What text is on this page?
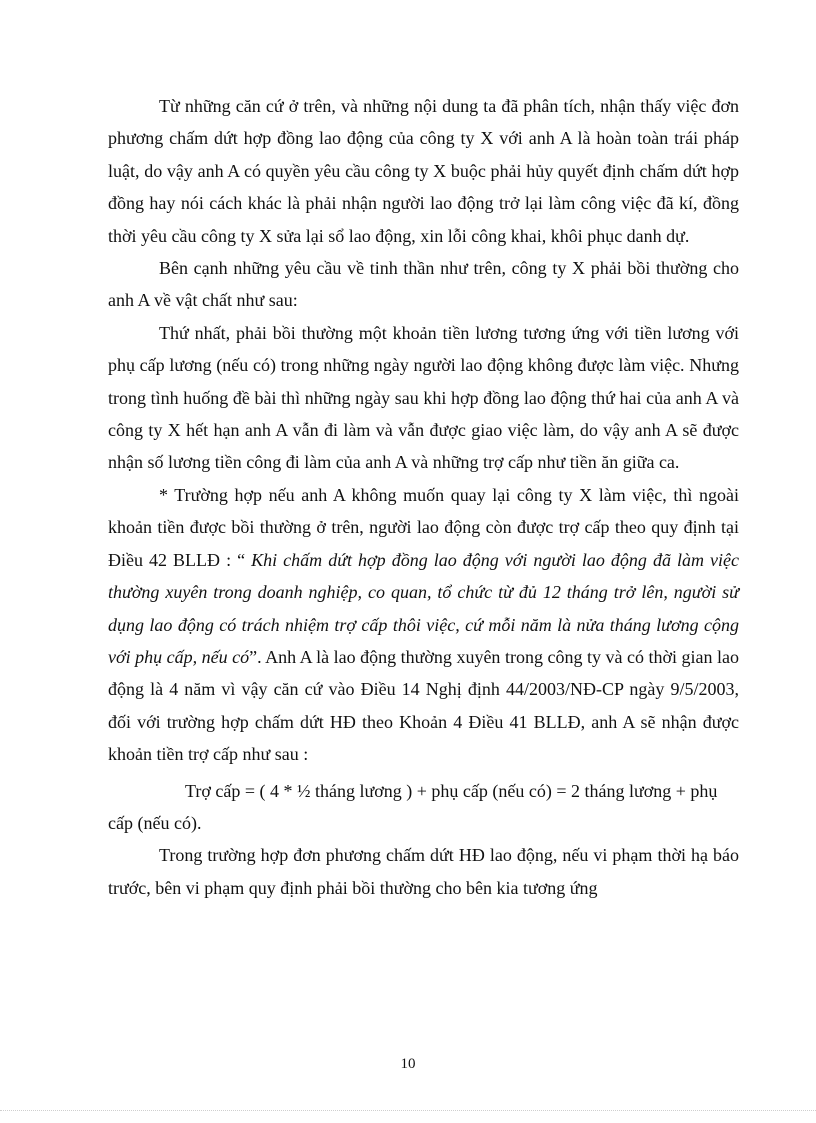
Từ những căn cứ ở trên, và những nội dung ta đã phân tích, nhận thấy việc đơn phương chấm dứt hợp đồng lao động của công ty X với anh A là hoàn toàn trái pháp luật, do vậy anh A có quyền yêu cầu công ty X buộc phải hủy quyết định chấm dứt hợp đồng hay nói cách khác là phải nhận người lao động trở lại làm công việc đã kí, đồng thời yêu cầu công ty X sửa lại sổ lao động, xin lỗi công khai, khôi phục danh dự.

Bên cạnh những yêu cầu về tinh thần như trên, công ty X phải bồi thường cho anh A về vật chất như sau:

Thứ nhất, phải bồi thường một khoản tiền lương tương ứng với tiền lương với phụ cấp lương (nếu có) trong những ngày người lao động không được làm việc. Nhưng trong tình huống đề bài thì những ngày sau khi hợp đồng lao động thứ hai của anh A và công ty X hết hạn anh A vẫn đi làm và vẫn được giao việc làm, do vậy anh A sẽ được nhận số lương tiền công đi làm của anh A và những trợ cấp như tiền ăn giữa ca.

* Trường hợp nếu anh A không muốn quay lại công ty X làm việc, thì ngoài khoản tiền được bồi thường ở trên, người lao động còn được trợ cấp theo quy định tại Điều 42 BLLĐ : “ Khi chấm dứt hợp đồng lao động với người lao động đã làm việc thường xuyên trong doanh nghiệp, co quan, tổ chức từ đủ 12 tháng trở lên, người sử dụng lao động có trách nhiệm trợ cấp thôi việc, cứ mỗi năm là nửa tháng lương cộng với phụ cấp, nếu có”. Anh A là lao động thường xuyên trong công ty và có thời gian lao động là 4 năm vì vậy căn cứ vào Điều 14 Nghị định 44/2003/NĐ-CP ngày 9/5/2003, đối với trường hợp chấm dứt HĐ theo Khoản 4 Điều 41 BLLĐ, anh A sẽ nhận được khoản tiền trợ cấp như sau :

Trợ cấp = ( 4 * ½ tháng lương ) + phụ cấp (nếu có) = 2 tháng lương + phụ cấp (nếu có).

Trong trường hợp đơn phương chấm dứt HĐ lao động, nếu vi phạm thời hạ báo trước, bên vi phạm quy định phải bồi thường cho bên kia tương ứng

10
